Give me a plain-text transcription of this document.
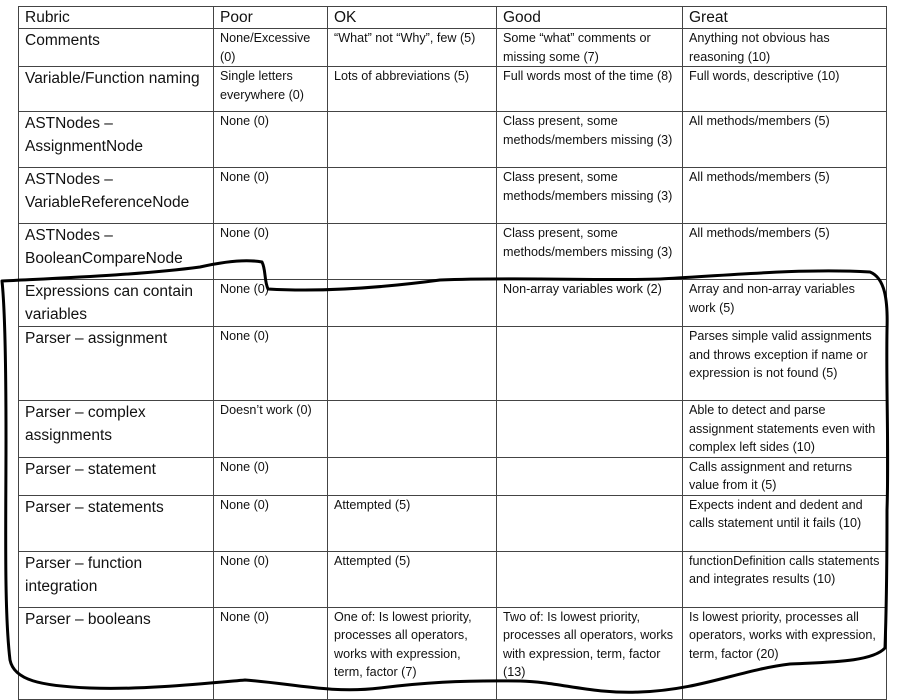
Rubric	Poor	OK	Good	Great
Comments	None/Excessive (0)	“What” not “Why”, few (5)	Some “what” comments or missing some (7)	Anything not obvious has reasoning (10)
Variable/Function naming	Single letters everywhere (0)	Lots of abbreviations (5)	Full words most of the time (8)	Full words, descriptive (10)
ASTNodes – AssignmentNode	None (0)		Class present, some methods/members missing (3)	All methods/members (5)
ASTNodes – VariableReferenceNode	None (0)		Class present, some methods/members missing (3)	All methods/members (5)
ASTNodes – BooleanCompareNode	None (0)		Class present, some methods/members missing (3)	All methods/members (5)
Expressions can contain variables	None (0)		Non-array variables work (2)	Array and non-array variables work (5)
Parser – assignment	None (0)			Parses simple valid assignments and throws exception if name or expression is not found (5)
Parser – complex assignments	Doesn’t work (0)			Able to detect and parse assignment statements even with complex left sides (10)
Parser – statement	None (0)			Calls assignment and returns value from it (5)
Parser – statements	None (0)	Attempted (5)		Expects indent and dedent and calls statement until it fails (10)
Parser – function integration	None (0)	Attempted (5)		functionDefinition calls statements and integrates results (10)
Parser – booleans	None (0)	One of: Is lowest priority, processes all operators, works with expression, term, factor (7)	Two of: Is lowest priority, processes all operators, works with expression, term, factor (13)	Is lowest priority, processes all operators, works with expression, term, factor (20)
